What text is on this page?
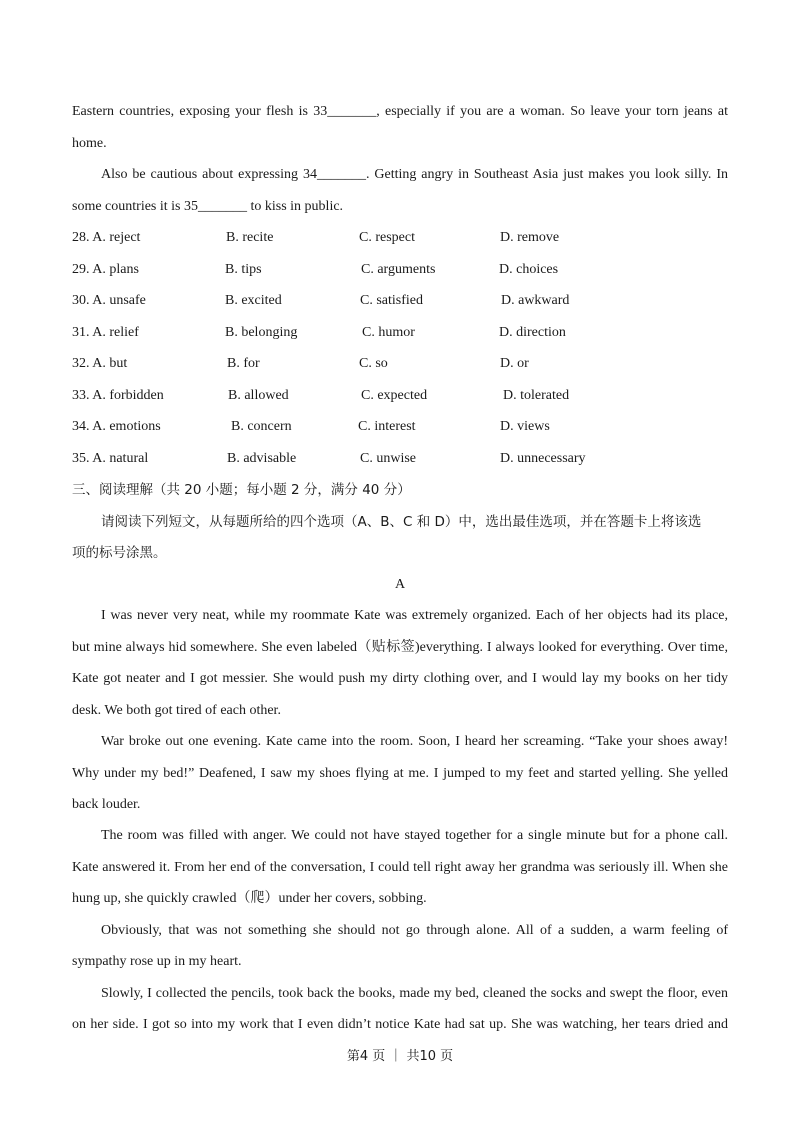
Eastern countries, exposing your flesh is 33_______, especially if you are a woman. So leave your torn jeans at
home.
Also be cautious about expressing 34_______. Getting angry in Southeast Asia just makes you look silly. In
some countries it is 35_______ to kiss in public.
28. A. reject	B. recite	C. respect	D. remove
29. A. plans	B. tips	C. arguments	D. choices
30. A. unsafe	B. excited	C. satisfied	D. awkward
31. A. relief	B. belonging	C. humor	D. direction
32. A. but	B. for	C. so	D. or
33. A. forbidden	B. allowed	C. expected	D. tolerated
34. A. emotions	B. concern	C. interest	D. views
35. A. natural	B. advisable	C. unwise	D. unnecessary
三、阅读理解（共 20 小题；每小题 2 分，满分 40 分）
请阅读下列短文，从每题所给的四个选项（A、B、C 和 D）中，选出最佳选项，并在答题卡上将该选
项的标号涂黑。
A
I was never very neat, while my roommate Kate was extremely organized. Each of her objects had its place,
but mine always hid somewhere. She even labeled（贴标签)everything. I always looked for everything. Over time,
Kate got neater and I got messier. She would push my dirty clothing over, and I would lay my books on her tidy
desk. We both got tired of each other.
War broke out one evening. Kate came into the room. Soon, I heard her screaming. “Take your shoes away!
Why under my bed!” Deafened, I saw my shoes flying at me. I jumped to my feet and started yelling. She yelled
back louder.
The room was filled with anger. We could not have stayed together for a single minute but for a phone call.
Kate answered it. From her end of the conversation, I could tell right away her grandma was seriously ill. When she
hung up, she quickly crawled（爬）under her covers, sobbing.
Obviously, that was not something she should not go through alone. All of a sudden, a warm feeling of
sympathy rose up in my heart.
Slowly, I collected the pencils, took back the books, made my bed, cleaned the socks and swept the floor, even
on her side. I got so into my work that I even didn’t notice Kate had sat up. She was watching, her tears dried and
第4 页 ｜ 共10 页
